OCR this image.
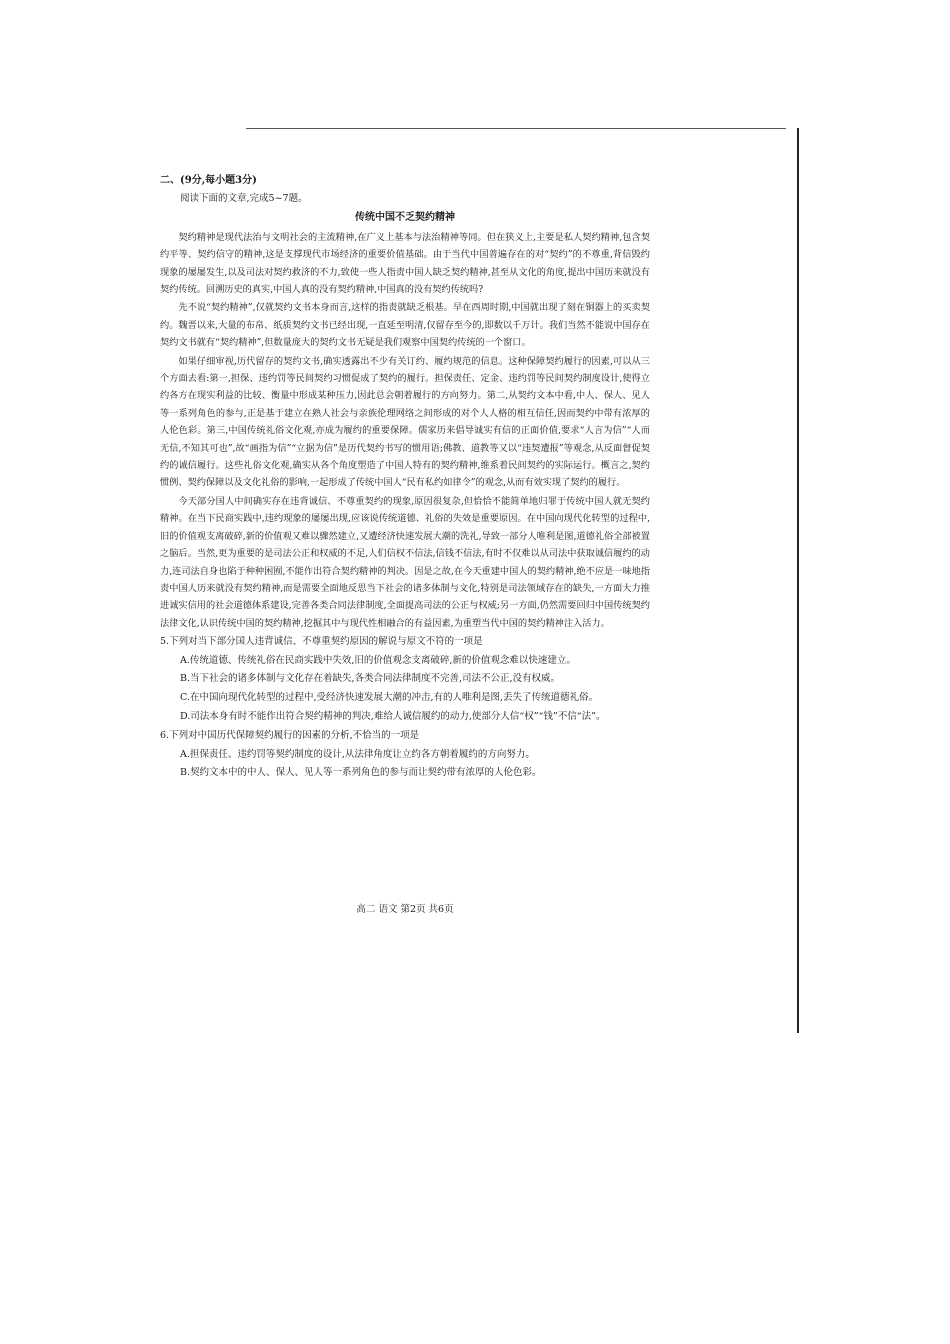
二、(9分,每小题3分)
阅读下面的文章,完成5~7题。
传统中国不乏契约精神

契约精神是现代法治与文明社会的主流精神,在广义上基本与法治精神等同。但在狭义上,主要是私人契约精神,包含契约平等、契约信守的精神,这是支撑现代市场经济的重要价值基础。由于当代中国普遍存在的对“契约”的不尊重,背信毁约现象的屡屡发生,以及司法对契约救济的不力,致使一些人指责中国人缺乏契约精神,甚至从文化的角度,提出中国历来就没有契约传统。回溯历史的真实,中国人真的没有契约精神,中国真的没有契约传统吗?

先不说“契约精神”,仅就契约文书本身而言,这样的指责就缺乏根基。早在西周时期,中国就出现了刻在铜器上的买卖契约。魏晋以来,大量的布帛、纸质契约文书已经出现,一直延至明清,仅留存至今的,即数以千万计。我们当然不能说中国存在契约文书就有“契约精神”,但数量庞大的契约文书无疑是我们观察中国契约传统的一个窗口。

如果仔细审视,历代留存的契约文书,确实透露出不少有关订约、履约规范的信息。这种保障契约履行的因素,可以从三个方面去看:第一,担保、违约罚等民间契约习惯促成了契约的履行。担保责任、定金、违约罚等民间契约制度设计,使得立约各方在现实利益的比较、衡量中形成某种压力,因此总会朝着履行的方向努力。第二,从契约文本中看,中人、保人、见人等一系列角色的参与,正是基于建立在熟人社会与亲族伦理网络之间形成的对个人人格的相互信任,因而契约中带有浓厚的人伦色彩。第三,中国传统礼俗文化观,亦成为履约的重要保障。儒家历来倡导诚实有信的正面价值,要求“人言为信”“人而无信,不知其可也”,故“画指为信”“立据为信”是历代契约书写的惯用语;佛教、道教等又以“违契遭报”等观念,从反面督促契约的诚信履行。这些礼俗文化观,确实从各个角度塑造了中国人特有的契约精神,维系着民间契约的实际运行。概言之,契约惯例、契约保障以及文化礼俗的影响,一起形成了传统中国人“民有私约如律令”的观念,从而有效实现了契约的履行。

今天部分国人中间确实存在违背诚信、不尊重契约的现象,原因很复杂,但恰恰不能简单地归罪于传统中国人就无契约精神。在当下民商实践中,违约现象的屡屡出现,应该说传统道德、礼俗的失效是重要原因。在中国向现代化转型的过程中,旧的价值观支离破碎,新的价值观又难以骤然建立,又遭经济快速发展大潮的洗礼,导致一部分人唯利是图,道德礼俗全部被置之脑后。当然,更为重要的是司法公正和权威的不足,人们信权不信法,信钱不信法,有时不仅难以从司法中获取诚信履约的动力,连司法自身也陷于种种困囿,不能作出符合契约精神的判决。因是之故,在今天重建中国人的契约精神,绝不应是一味地指责中国人历来就没有契约精神,而是需要全面地反思当下社会的诸多体制与文化,特别是司法领域存在的缺失,一方面大力推进诚实信用的社会道德体系建设,完善各类合同法律制度,全面提高司法的公正与权威;另一方面,仍然需要回归中国传统契约法律文化,认识传统中国的契约精神,挖掘其中与现代性相融合的有益因素,为重塑当代中国的契约精神注入活力。

5.下列对当下部分国人违背诚信、不尊重契约原因的解说与原文不符的一项是
A.传统道德、传统礼俗在民商实践中失效,旧的价值观念支离破碎,新的价值观念难以快速建立。
B.当下社会的诸多体制与文化存在着缺失,各类合同法律制度不完善,司法不公正,没有权威。
C.在中国向现代化转型的过程中,受经济快速发展大潮的冲击,有的人唯利是图,丢失了传统道德礼俗。
D.司法本身有时不能作出符合契约精神的判决,难给人诚信履约的动力,使部分人信“权”“钱”不信“法”。
6.下列对中国历代保障契约履行的因素的分析,不恰当的一项是
A.担保责任、违约罚等契约制度的设计,从法律角度让立约各方朝着履约的方向努力。
B.契约文本中的中人、保人、见人等一系列角色的参与而让契约带有浓厚的人伦色彩。
高二 语文 第2页 共6页
